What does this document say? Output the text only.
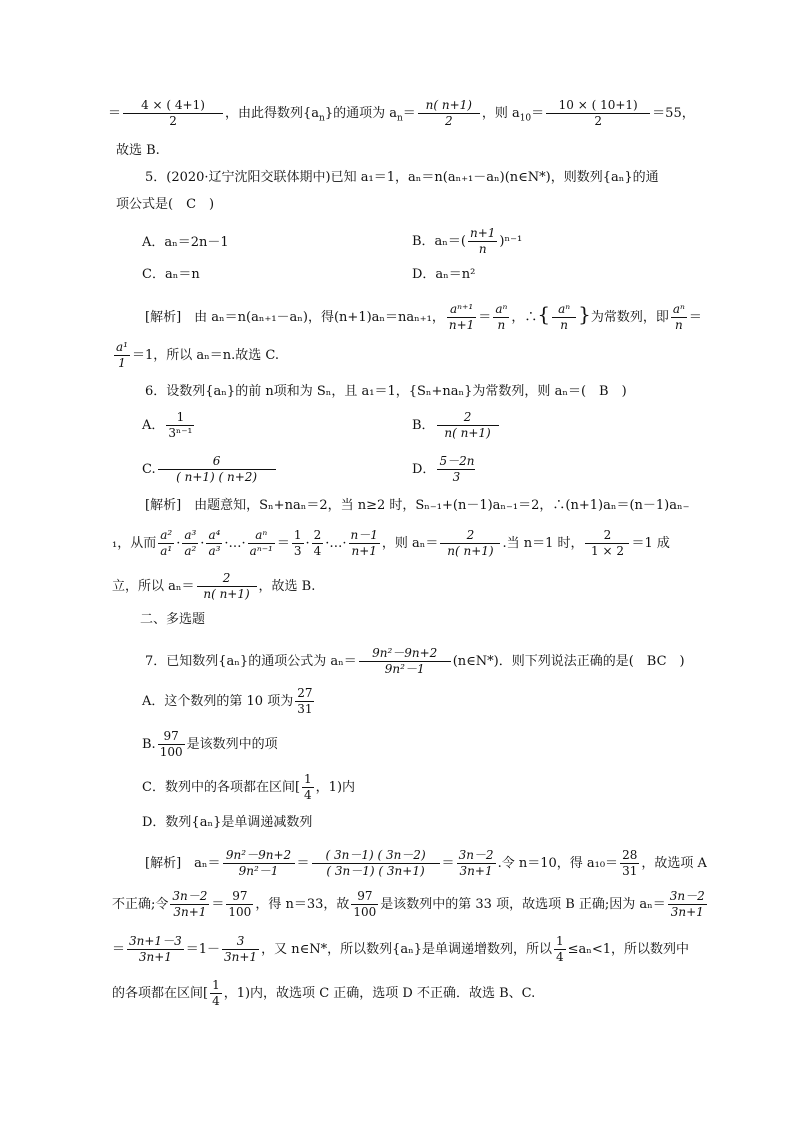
＝ $\frac{4 \times ( 4+1)}{2}$ ，由此得数列$\{a_n\}$的通项为 $a_n= \frac{n( n+1)}{2}$ ，则 $a_{10}= \frac{10 \times ( 10+1)}{2} =55$，
故选 B.
5．(2020·辽宁沈阳交联体期中)已知 a₁＝1，aₙ＝n(aₙ₊₁－aₙ)(n∈N*)，则数列{aₙ}的通
项公式是(　C　)
A．aₙ＝2n－1	B．$a_n=( \frac{n+1}{n} )^{n-1}$
C．aₙ＝n	D．aₙ＝n²
[解析]　由 aₙ＝n(aₙ₊₁－aₙ)，得(n+1)aₙ＝naₙ₊₁， $\frac{\text{aⁿ⁺¹}}{n+1} = \frac{\text{aⁿ}}{n}$ ，∴{ $\frac{\text{aⁿ}}{n}$ }为常数列，即 $\frac{\text{aⁿ}}{n}$ ＝
$\frac{\text{a¹}}{1} =1$，所以 aₙ＝n.故选 C.
6．设数列{aₙ}的前 n项和为 Sₙ，且 a₁＝1，{Sₙ+naₙ}为常数列，则 aₙ＝(　B　)
A． $\frac{1}{\text{3ⁿ⁻¹}}$	B． $\frac{2}{n( n+1)}$
C. $\frac{6}{( n+1) ( n+2)}$	D． $\frac{5-2n}{3}$
[解析]　由题意知，Sₙ+naₙ＝2，当 n≥2 时，Sₙ₋₁+(n－1)aₙ₋₁＝2，∴(n+1)aₙ＝(n－1)aₙ₋
₁，从而 $\frac{\text{a²}}{\text{a¹}} \cdot \frac{\text{a³}}{\text{a²}} \cdot \frac{\text{a⁴}}{\text{a³}}$ ·…· $\frac{\text{aⁿ}}{\text{aⁿ⁻¹}} = \frac{1}{3} \cdot \frac{2}{4}$ ·…· $\frac{n-1}{n+1}$ ，则 $a_n= \frac{2}{n( n+1)}$ .当 n＝1 时， $\frac{2}{1 \times 2} =1$ 成
立，所以 $a_n= \frac{2}{n( n+1)}$ ，故选 B.
二、多选题
7．已知数列{aₙ}的通项公式为 $a_n= \frac{\text{9n²－9n+2}}{\text{9n²－1}}$ (n∈N*)．则下列说法正确的是(　BC　)
A．这个数列的第 10 项为 $\frac{27}{31}$
B. $\frac{97}{100}$ 是该数列中的项
C．数列中的各项都在区间[ $\frac{1}{4}$ ，1)内
D．数列{aₙ}是单调递减数列
[解析]　$a_n= \frac{\text{9n²－9n+2}}{\text{9n²－1}} = \frac{( 3n-1) ( 3n-2)}{( 3n-1) ( 3n+1)} = \frac{3n-2}{3n+1}$ .令 n＝10，得 $a_{10}= \frac{28}{31}$ ，故选项 A
不正确;令 $\frac{3n-2}{3n+1} = \frac{97}{100}$ ，得 n＝33，故 $\frac{97}{100}$ 是该数列中的第 33 项，故选项 B 正确;因为 $a_n= \frac{3n-2}{3n+1}$
＝ $\frac{3n+1-3}{3n+1} =1- \frac{3}{3n+1}$ ，又 n∈N*，所以数列{aₙ}是单调递增数列，所以 $\frac{1}{4} \le a_n<1$，所以数列中
的各项都在区间[ $\frac{1}{4}$ ，1)内，故选项 C 正确，选项 D 不正确．故选 B、C.
